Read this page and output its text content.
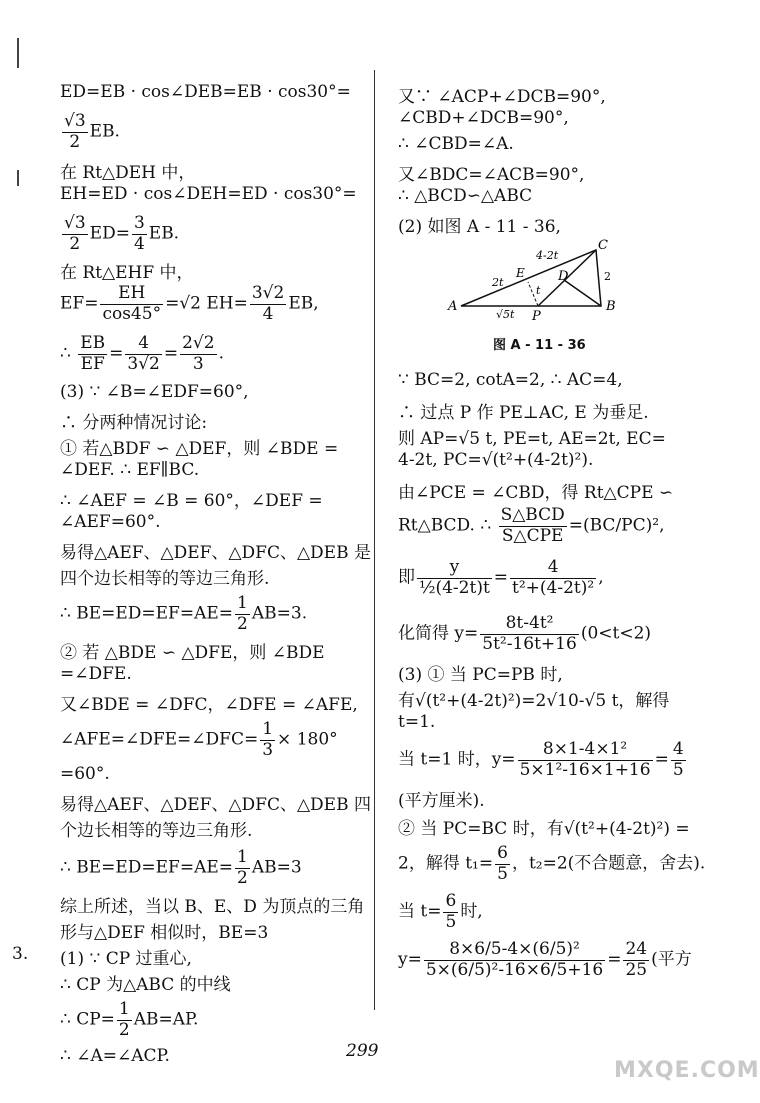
ED=EB · cos∠DEB=EB · cos30°=
$\frac{√3}{2}$ EB.
在 Rt△DEH 中，
EH=ED · cos∠DEH=ED · cos30°=
$\frac{√3}{2} ED= \frac{3}{4}$ EB.
在 Rt△EHF 中，
$EF= \frac{EH}{\cos 45^\circ} =√2$ $EH= \frac{3√2}{4}$ EB,
∴ $\frac{EB}{EF} = \frac{4}{3√2} = \frac{2√2}{3}$ .
(3) ∵ ∠B=∠EDF=60°,
∴ 分两种情况讨论:
① 若△BDF ∽ △DEF，则 ∠BDE =
∠DEF. ∴ EF∥BC.
∴ ∠AEF = ∠B = 60°，∠DEF =
∠AEF=60°.
易得△AEF、△DEF、△DFC、△DEB 是
四个边长相等的等边三角形.
∴ $BE=ED=EF=AE= \frac{1}{2} AB=3$.
② 若 △BDE ∽ △DFE，则 ∠BDE
=∠DFE.
又∠BDE = ∠DFC，∠DFE = ∠AFE,
∠AFE=∠DFE=∠DFC= $\frac{1}{3} \times 180^\circ$
=60°.
易得△AEF、△DEF、△DFC、△DEB 四
个边长相等的等边三角形.
∴ $BE=ED=EF=AE= \frac{1}{2} AB=3$
综上所述，当以 B、E、D 为顶点的三角
形与△DEF 相似时，BE=3
3. (1) ∵ CP 过重心,
∴ CP 为△ABC 的中线
∴ $CP= \frac{1}{2} AB=AP$.
∴ ∠A=∠ACP.
又∵ ∠ACP+∠DCB=90°,
∠CBD+∠DCB=90°,
∴ ∠CBD=∠A.
又∠BDC=∠ACB=90°,
∴ △BCD∽△ABC
(2) 如图 A - 11 - 36,
A	B
C
D
E
P
t
2t
4-2t
2
√5t
图 A - 11 - 36
∵ BC=2, cotA=2, ∴ AC=4,
∴ 过点 P 作 PE⊥AC, E 为垂足.
则 AP=√5 t, PE=t, AE=2t, EC=
4-2t, PC=√(t²+(4-2t)²).
由∠PCE = ∠CBD，得 Rt△CPE ∽
Rt△BCD. ∴ $\frac{\text{S△BCD}}{\text{S△CPE}} =(BC/PC)^2$,
即 $\frac{y}{\text{½(4-2t)t}} = \frac{4}{\text{t²+(4-2t)²}}$ ,
化简得 $y= \frac{\text{8t-4t²}}{\text{5t²-16t+16}} (0<t<2)$
(3) ① 当 PC=PB 时,
有√(t²+(4-2t)²)=2√10-√5 t，解得
t=1.
当 t=1 时，$y= \frac{\text{8×1-4×1²}}{\text{5×1²-16×1+16}} = \frac{4}{5}$
(平方厘米).
② 当 PC=BC 时，有√(t²+(4-2t)²) =
2，解得 $t_1= \frac{6}{5}$ ，t₂=2(不合题意，舍去).
当 $t= \frac{6}{5}$ 时,
$y= \frac{\text{8×6/5-4×(6/5)²}}{\text{5×(6/5)²-16×6/5+16}} = \frac{24}{25}$ (平方
299
MXQE.COM
